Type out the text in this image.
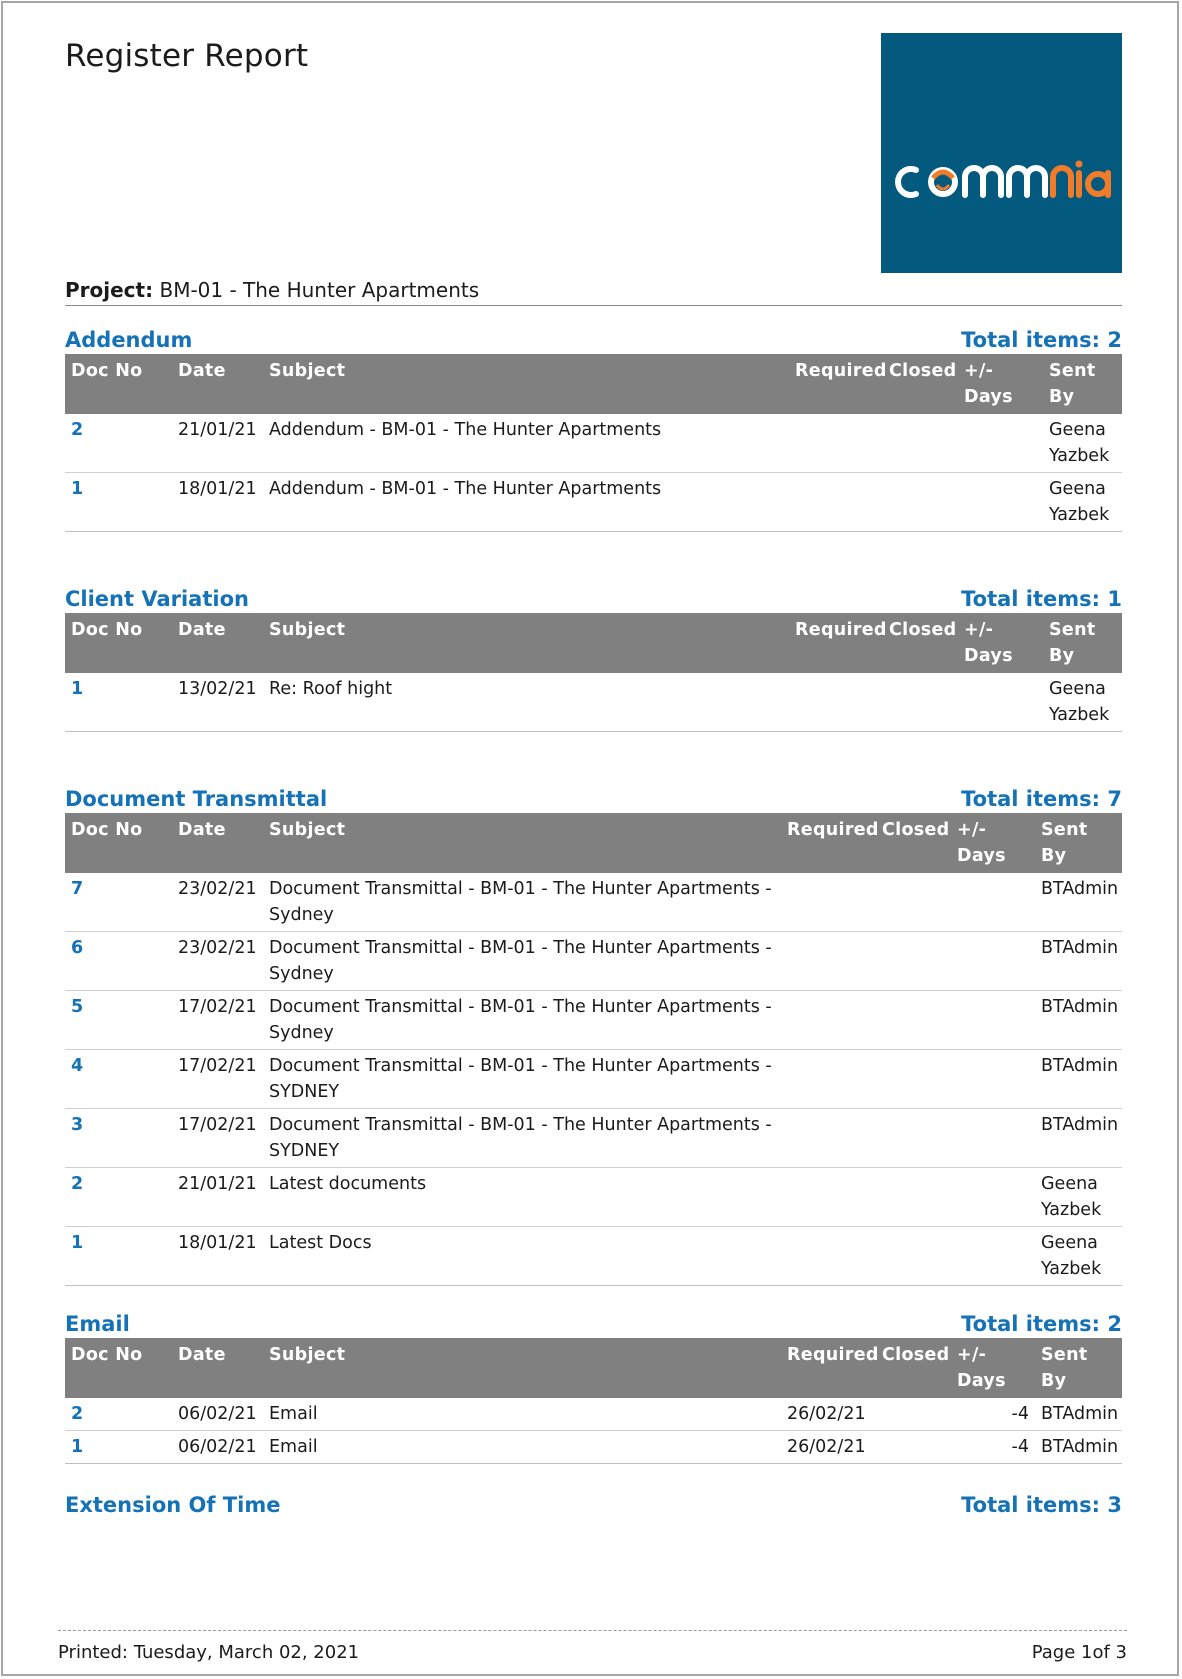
Register Report
Project: BM-01 - The Hunter Apartments
Addendum	Total items: 2
Doc No	Date	Subject	Required	Closed	+/-Days	Sent By
2	21/01/21	Addendum - BM-01 - The Hunter Apartments				Geena Yazbek
1	18/01/21	Addendum - BM-01 - The Hunter Apartments				Geena Yazbek
Client Variation	Total items: 1
Doc No	Date	Subject	Required	Closed	+/-Days	Sent By
1	13/02/21	Re: Roof hight				Geena Yazbek
Document Transmittal	Total items: 7
Doc No	Date	Subject	Required	Closed	+/-Days	Sent By
7	23/02/21	Document Transmittal - BM-01 - The Hunter Apartments - Sydney				BTAdmin
6	23/02/21	Document Transmittal - BM-01 - The Hunter Apartments - Sydney				BTAdmin
5	17/02/21	Document Transmittal - BM-01 - The Hunter Apartments - Sydney				BTAdmin
4	17/02/21	Document Transmittal - BM-01 - The Hunter Apartments - SYDNEY				BTAdmin
3	17/02/21	Document Transmittal - BM-01 - The Hunter Apartments - SYDNEY				BTAdmin
2	21/01/21	Latest documents				Geena Yazbek
1	18/01/21	Latest Docs				Geena Yazbek
Email	Total items: 2
Doc No	Date	Subject	Required	Closed	+/-Days	Sent By
2	06/02/21	Email	26/02/21		-4	BTAdmin
1	06/02/21	Email	26/02/21		-4	BTAdmin
Extension Of Time	Total items: 3
Printed: Tuesday, March 02, 2021	Page 1of 3
